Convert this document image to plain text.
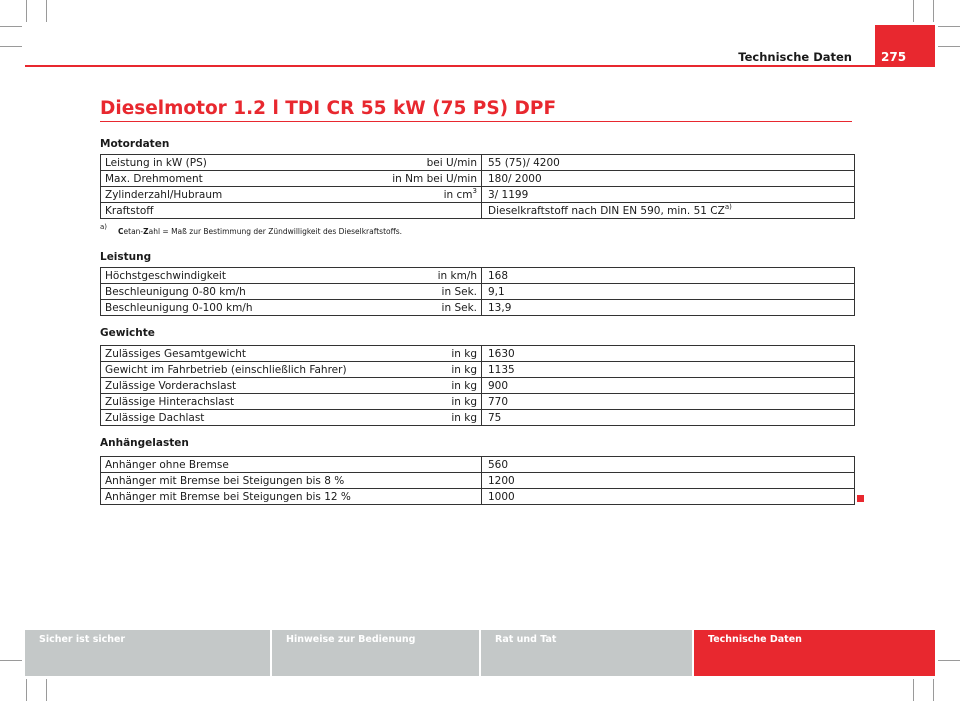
Technische Daten 275
Dieselmotor 1.2 l TDI CR 55 kW (75 PS) DPF
Motordaten
Leistung in kW (PS) bei U/min	55 (75)/ 4200
Max. Drehmoment in Nm bei U/min	180/ 2000
Zylinderzahl/Hubraum in $cm^3$	3/ 1199
Kraftstoff	Dieselkraftstoff nach DIN EN 590, min. 51 CZ$^{a)}$
$^{a)}$ Cetan-Zahl = Maß zur Bestimmung der Zündwilligkeit des Dieselkraftstoffs.
Leistung
Höchstgeschwindigkeit in km/h	168
Beschleunigung 0-80 km/h in Sek.	9,1
Beschleunigung 0-100 km/h in Sek.	13,9
Gewichte
Zulässiges Gesamtgewicht in kg	1630
Gewicht im Fahrbetrieb (einschließlich Fahrer) in kg	1135
Zulässige Vorderachslast in kg	900
Zulässige Hinterachslast in kg	770
Zulässige Dachlast in kg	75
Anhängelasten
Anhänger ohne Bremse	560
Anhänger mit Bremse bei Steigungen bis 8 %	1200
Anhänger mit Bremse bei Steigungen bis 12 %	1000
Sicher ist sicher	Hinweise zur Bedienung	Rat und Tat	Technische Daten
